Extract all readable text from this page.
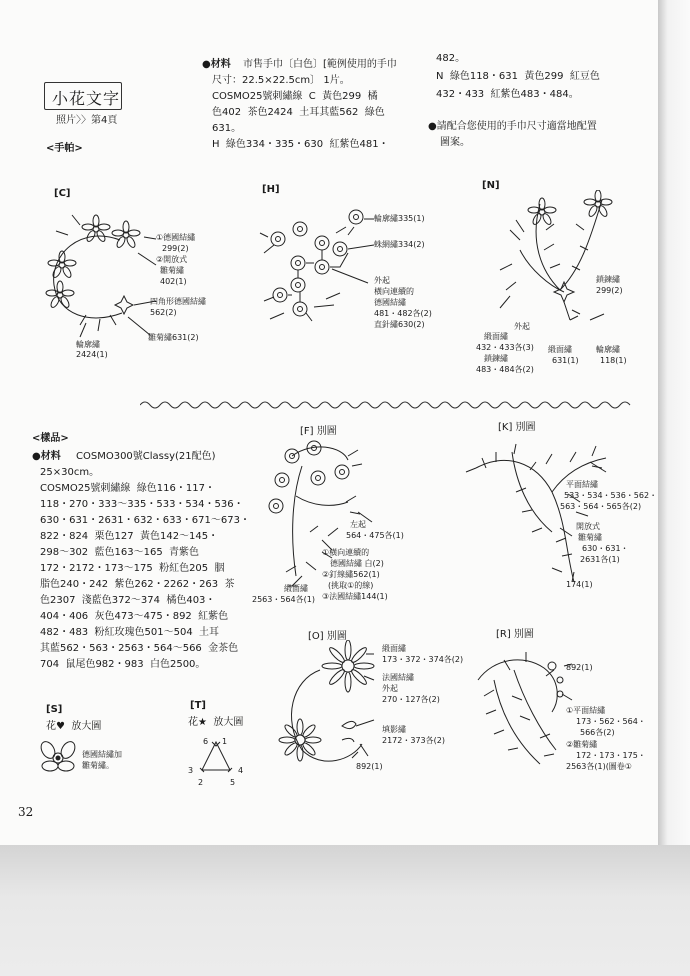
小花文字
照片〉〉第4頁
<手帕>
●材料 市售手巾〔白色〕[範例使用的手巾
尺寸：22.5×22.5cm〕 1片。
COSMO25號刺繡線  C  黃色299  橘
色402  茶色2424  土耳其藍562  綠色
631。
H  綠色334・335・630  紅紫色481・
482。
N  綠色118・631  黃色299  紅豆色
432・433  紅紫色483・484。
●請配合您使用的手巾尺寸適當地配置
圖案。
[C]
①德國結繡
299(2)
②開放式
雛菊繡
402(1)
四角形德國結繡
562(2)
雛菊繡631(2)
輪廓繡
2424(1)
[H]
輪廓繡335(1)
蛛網繡334(2)
外起
橫向連續的
德國結繡
481・482各(2)
直針繡630(2)
[N]
鎖鍊繡
299(2)
外起
緞面繡
432・433各(3)
鎖鍊繡
483・484各(2)
緞面繡
631(1)
輪廓繡
118(1)
<樣品>
●材料 COSMO300號Classy(21配色)
25×30cm。
COSMO25號刺繡線  綠色116・117・
118・270・333～335・533・534・536・
630・631・2631・632・633・671～673・
822・824  栗色127  黃色142～145・
298～302  藍色163～165  青紫色
172・2172・173～175  粉紅色205  胭
脂色240・242  紫色262・2262・263  茶
色2307  淺藍色372～374  橘色403・
404・406  灰色473～475・892  紅紫色
482・483  粉紅玫瑰色501～504  土耳
其藍562・563・2563・564～566  金茶色
704  鼠尾色982・983  白色2500。
[F] 別圖
左起
564・475各(1)
①橫向連續的
德國結繡 白(2)
②釘線繡562(1)
(挑取①的線)
③法國結繡144(1)
緞面繡
2563・564各(1)
[K] 別圖
平面結繡
533・534・536・562・
563・564・565各(2)
開放式
雛菊繡
630・631・
2631各(1)
174(1)
[O] 別圖
緞面繡
173・372・374各(2)
法國結繡
外起
270・127各(2)
填影繡
2172・373各(2)
892(1)
[R] 別圖
892(1)
①平面結繡
173・562・564・
566各(2)
②雛菊繡
172・173・175・
2563各(1)(圖卷①
[S]
花♥  放大圖
德國結繡加
雛菊繡。
[T]
花★  放大圖
6 1
3	4
2	5
32
